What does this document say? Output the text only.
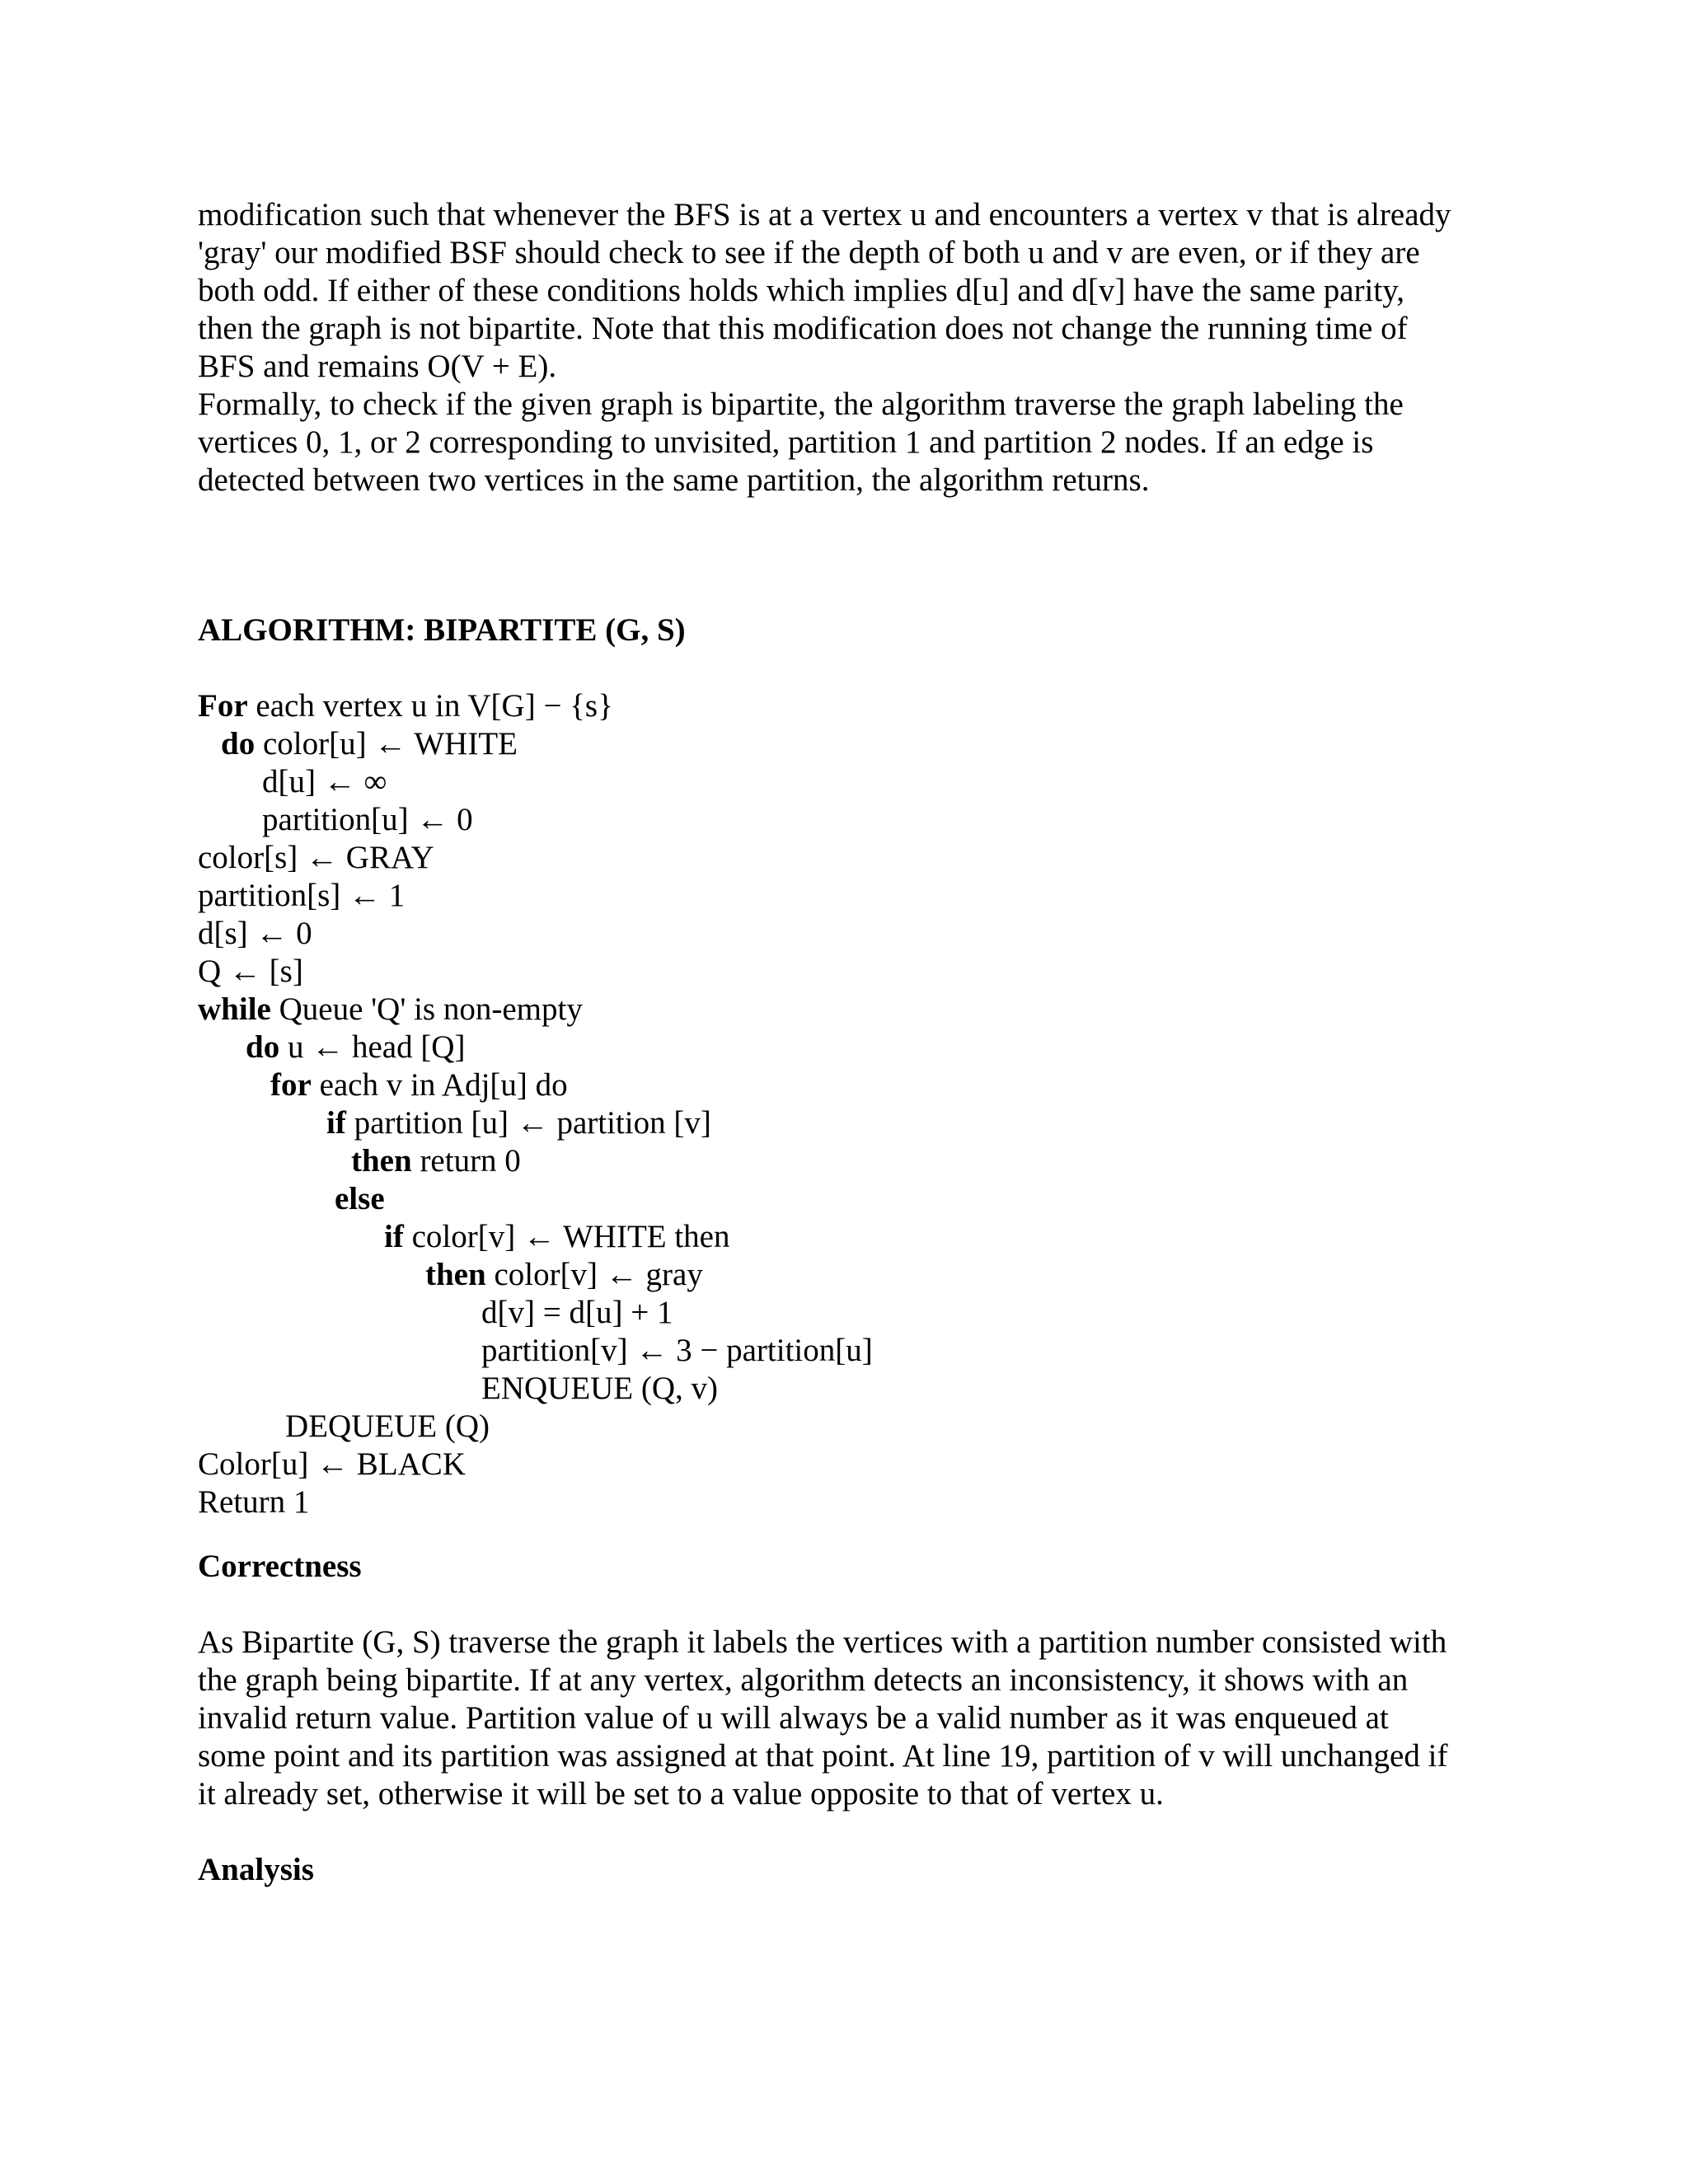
modification such that whenever the BFS is at a vertex u and encounters a vertex v that is already
'gray' our modified BSF should check to see if the depth of both u and v are even, or if they are
both odd. If either of these conditions holds which implies d[u] and d[v] have the same parity,
then the graph is not bipartite. Note that this modification does not change the running time of
BFS and remains O(V + E).
Formally, to check if the given graph is bipartite, the algorithm traverse the graph labeling the
vertices 0, 1, or 2 corresponding to unvisited, partition 1 and partition 2 nodes. If an edge is
detected between two vertices in the same partition, the algorithm returns.
ALGORITHM: BIPARTITE (G, S)
For each vertex u in V[G] − {s}
do color[u] ← WHITE
d[u] ← ∞
partition[u] ← 0
color[s] ← GRAY
partition[s] ← 1
d[s] ← 0
Q ← [s]
while Queue 'Q' is non-empty
do u ← head [Q]
for each v in Adj[u] do
if partition [u] ← partition [v]
then return 0
else
if color[v] ← WHITE then
then color[v] ← gray
d[v] = d[u] + 1
partition[v] ← 3 − partition[u]
ENQUEUE (Q, v)
DEQUEUE (Q)
Color[u] ← BLACK
Return 1
Correctness
As Bipartite (G, S) traverse the graph it labels the vertices with a partition number consisted with
the graph being bipartite. If at any vertex, algorithm detects an inconsistency, it shows with an
invalid return value. Partition value of u will always be a valid number as it was enqueued at
some point and its partition was assigned at that point. At line 19, partition of v will unchanged if
it already set, otherwise it will be set to a value opposite to that of vertex u.
Analysis
